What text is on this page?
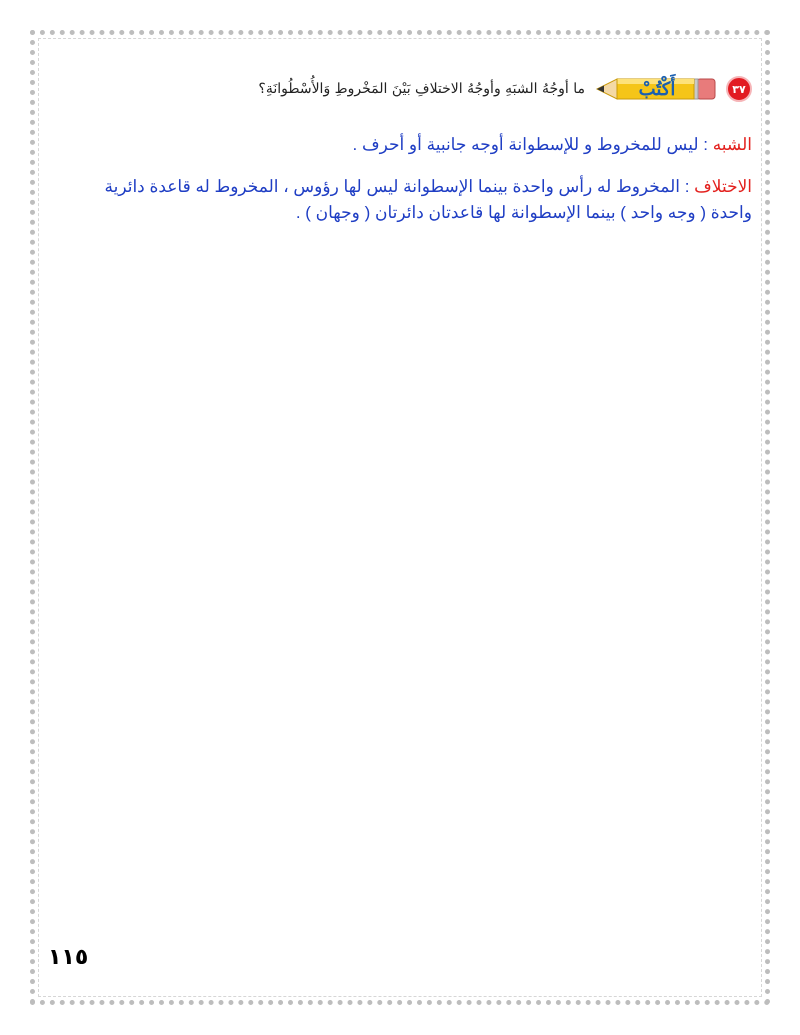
٣٧
أَكْتُبْ
ما أوجُهُ الشبَهِ وأوجُهُ الاختلافِ بَيْنَ المَخْروطِ وَالأُسْطُوانَةِ؟
الشبه : ليس للمخروط و للإسطوانة أوجه جانبية أو أحرف .
الاختلاف : المخروط له رأس واحدة بينما الإسطوانة ليس لها رؤوس ، المخروط له قاعدة دائرية واحدة ( وجه واحد ) بينما الإسطوانة لها قاعدتان دائرتان ( وجهان ) .
١١٥
